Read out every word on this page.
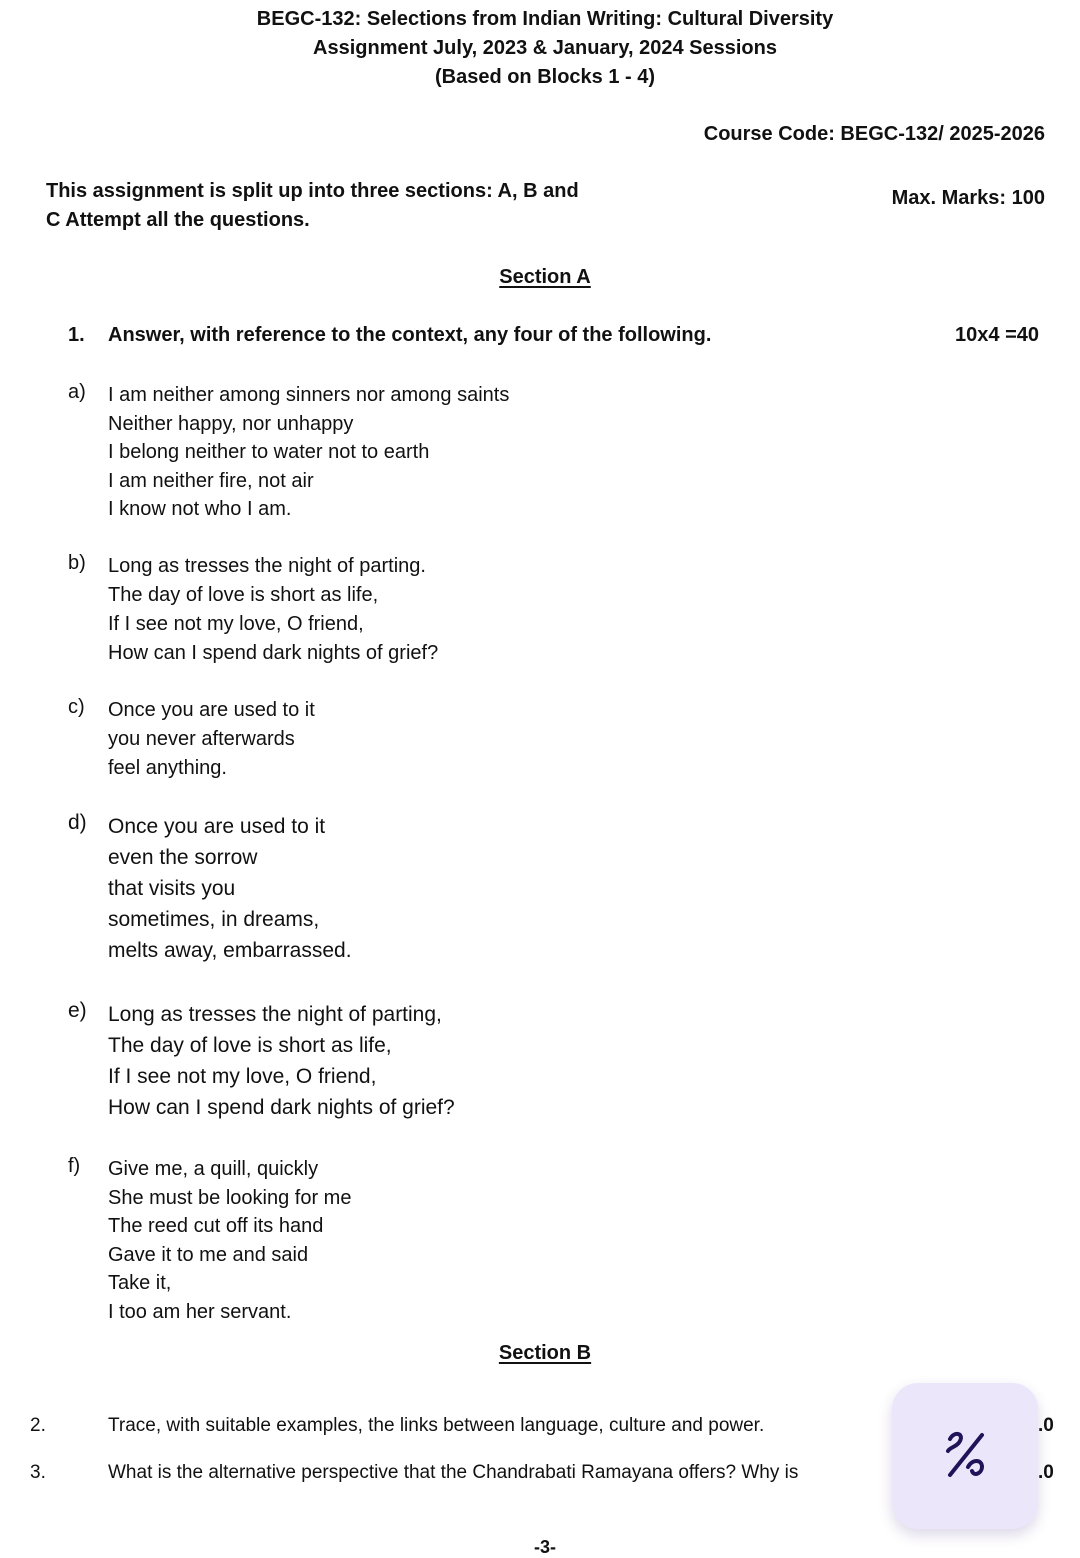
BEGC-132: Selections from Indian Writing: Cultural Diversity
Assignment July, 2023 & January, 2024 Sessions
(Based on Blocks 1 - 4)
Course Code: BEGC-132/ 2025-2026
This assignment is split up into three sections: A, B and
C Attempt all the questions.
Max. Marks: 100
Section A
1. Answer, with reference to the context, any four of the following.	10x4 =40
a) I am neither among sinners nor among saints
Neither happy, nor unhappy
I belong neither to water not to earth
I am neither fire, not air
I know not who I am.
b) Long as tresses the night of parting.
The day of love is short as life,
If I see not my love, O friend,
How can I spend dark nights of grief?
c) Once you are used to it
you never afterwards
feel anything.
d) Once you are used to it
even the sorrow
that visits you
sometimes, in dreams,
melts away, embarrassed.
e) Long as tresses the night of parting,
The day of love is short as life,
If I see not my love, O friend,
How can I spend dark nights of grief?
f) Give me, a quill, quickly
She must be looking for me
The reed cut off its hand
Gave it to me and said
Take it,
I too am her servant.
Section B
2.	Trace, with suitable examples, the links between language, culture and power.	.0
3.	What is the alternative perspective that the Chandrabati Ramayana offers? Why is	.0
-3-
